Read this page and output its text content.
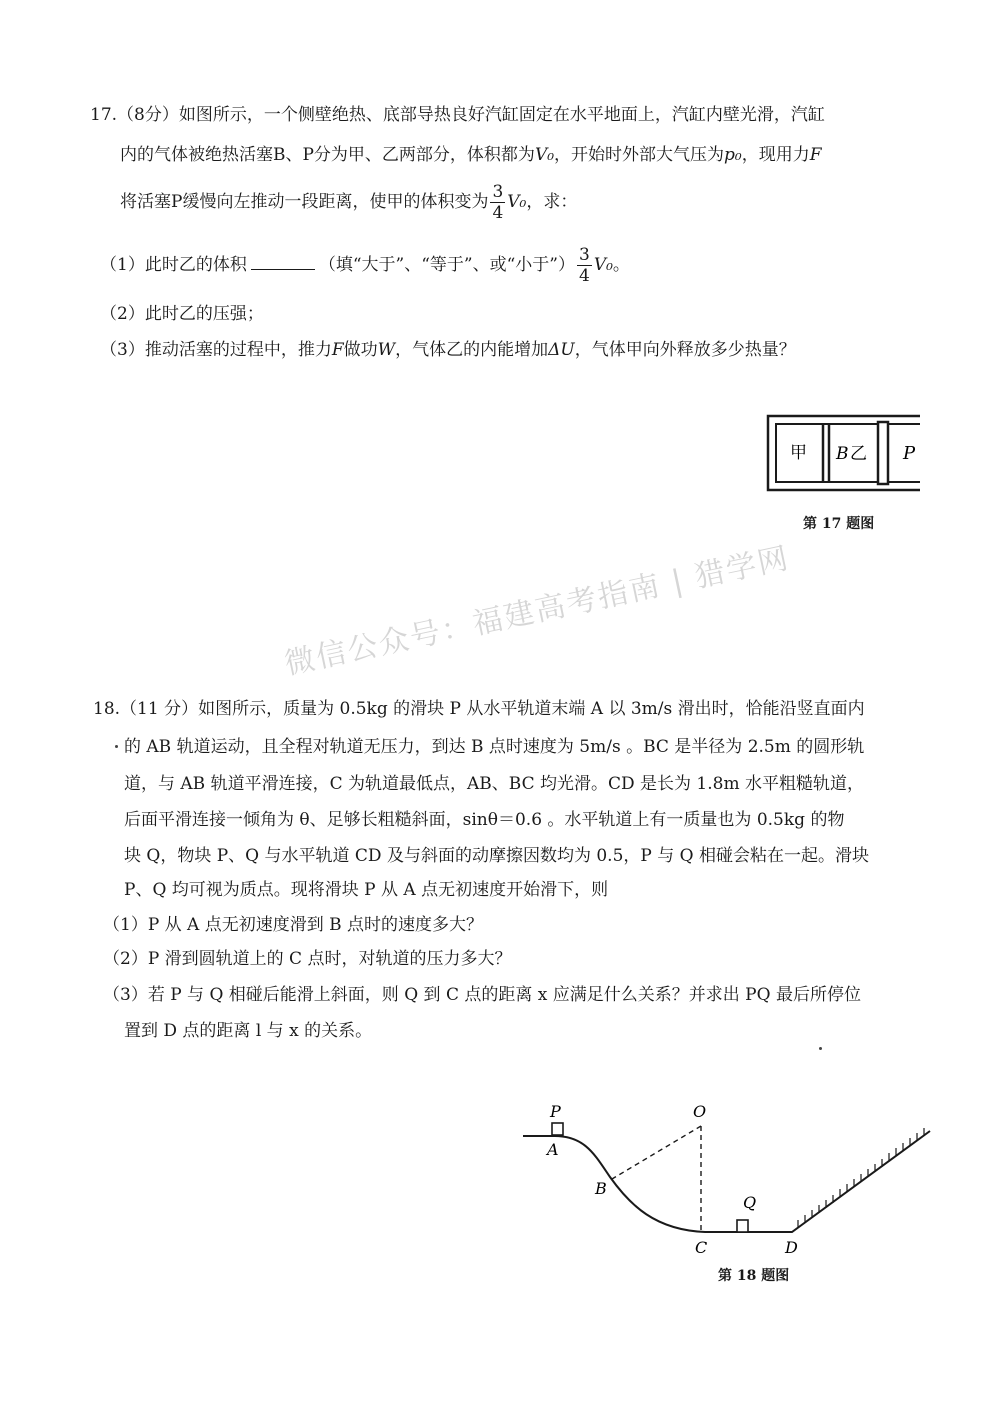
微信公众号：福建高考指南 | 猎学网
17.（8分）如图所示，一个侧壁绝热、底部导热良好汽缸固定在水平地面上，汽缸内壁光滑，汽缸
内的气体被绝热活塞B、P分为甲、乙两部分，体积都为V₀，开始时外部大气压为p₀，现用力F
将活塞P缓慢向左推动一段距离，使甲的体积变为 $\frac{3}{4} V_0$，求：
（1）此时乙的体积	（填“大于”、“等于”、或“小于”） $\frac{3}{4} V_0$。
（2）此时乙的压强；
（3）推动活塞的过程中，推力F做功W，气体乙的内能增加ΔU，气体甲向外释放多少热量？
甲 B 乙 P
第 17 题图
18.（11 分）如图所示，质量为 0.5kg 的滑块 P 从水平轨道末端 A 以 3m/s 滑出时，恰能沿竖直面内
的 AB 轨道运动，且全程对轨道无压力，到达 B 点时速度为 5m/s 。BC 是半径为 2.5m 的圆形轨
道，与 AB 轨道平滑连接，C 为轨道最低点，AB、BC 均光滑。CD 是长为 1.8m 水平粗糙轨道，
后面平滑连接一倾角为 θ、足够长粗糙斜面，sinθ＝0.6 。水平轨道上有一质量也为 0.5kg 的物
块 Q，物块 P、Q 与水平轨道 CD 及与斜面的动摩擦因数均为 0.5，P 与 Q 相碰会粘在一起。滑块
P、Q 均可视为质点。现将滑块 P 从 A 点无初速度开始滑下，则
（1）P 从 A 点无初速度滑到 B 点时的速度多大？
（2）P 滑到圆轨道上的 C 点时，对轨道的压力多大？
（3）若 P 与 Q 相碰后能滑上斜面，则 Q 到 C 点的距离 x 应满足什么关系？并求出 PQ 最后所停位
置到 D 点的距离 l 与 x 的关系。
P	O
A
B
Q
C	D
第 18 题图
